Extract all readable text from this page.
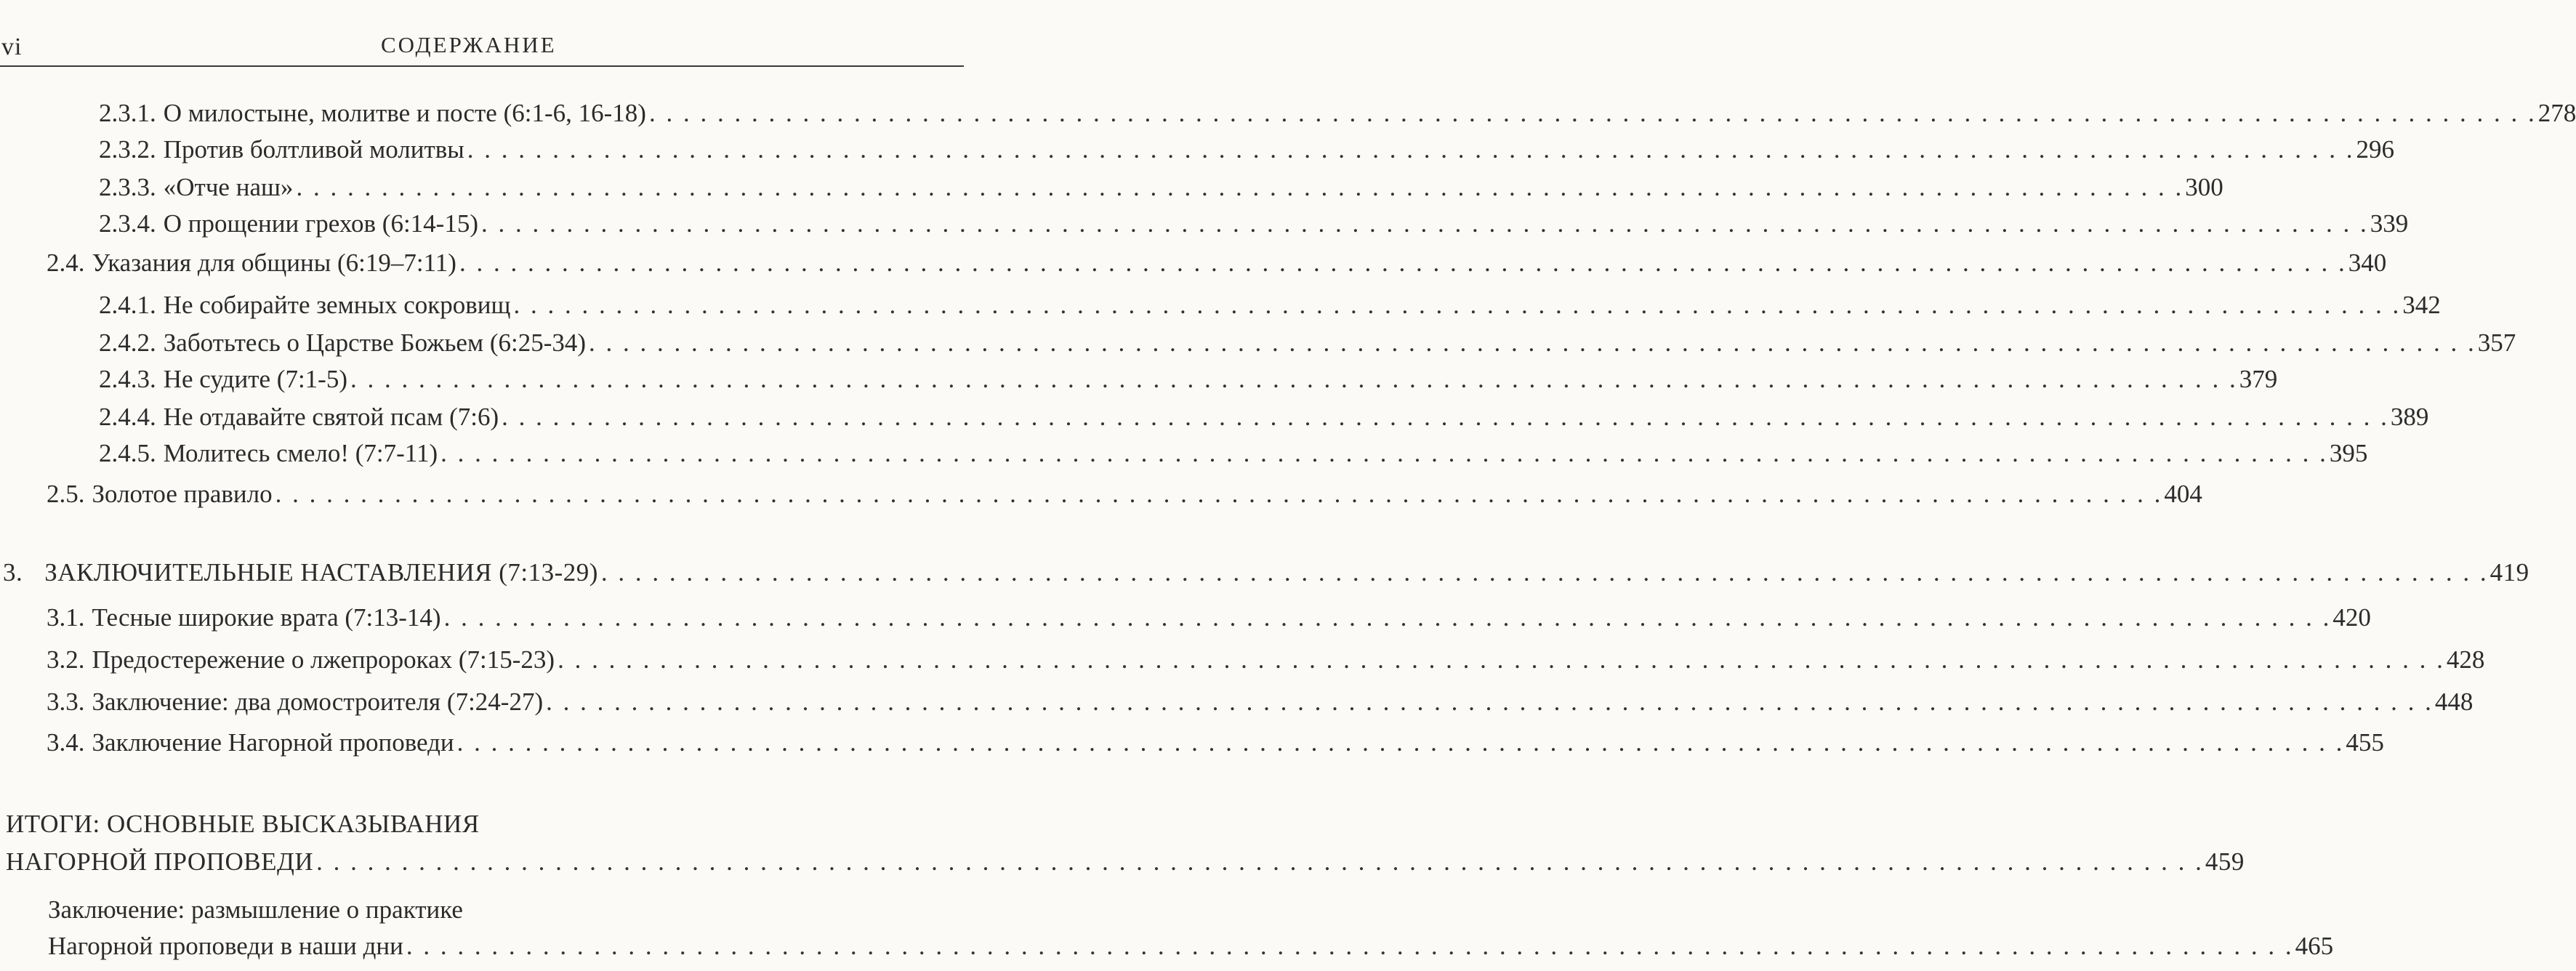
vi	СОДЕРЖАНИЕ
2.3.1. О милостыне, молитве и посте (6:1-6, 16-18) . . . . . . . . . . . . . . . . . . . . . . . . . . . . . . . . . . . . . . . . . . . . . . . . . . . . . . . . . . . . . . . . . . . . . . . . . . . . . . . . . . . . . . . . . . . . . . . . . . . . . . . . . . . . . . . 278
2.3.2. Против болтливой молитвы . . . . . . . . . . . . . . . . . . . . . . . . . . . . . . . . . . . . . . . . . . . . . . . . . . . . . . . . . . . . . . . . . . . . . . . . . . . . . . . . . . . . . . . . . . . . . . . . . . . . . . . . . . . . . . . 296
2.3.3. «Отче наш» . . . . . . . . . . . . . . . . . . . . . . . . . . . . . . . . . . . . . . . . . . . . . . . . . . . . . . . . . . . . . . . . . . . . . . . . . . . . . . . . . . . . . . . . . . . . . . . . . . . . . . . . . . . . . . . 300
2.3.4. О прощении грехов (6:14-15) . . . . . . . . . . . . . . . . . . . . . . . . . . . . . . . . . . . . . . . . . . . . . . . . . . . . . . . . . . . . . . . . . . . . . . . . . . . . . . . . . . . . . . . . . . . . . . . . . . . . . . . . . . . . . . . 339
2.4. Указания для общины (6:19–7:11) . . . . . . . . . . . . . . . . . . . . . . . . . . . . . . . . . . . . . . . . . . . . . . . . . . . . . . . . . . . . . . . . . . . . . . . . . . . . . . . . . . . . . . . . . . . . . . . . . . . . . . . . . . . . . . . 340
2.4.1. Не собирайте земных сокровищ . . . . . . . . . . . . . . . . . . . . . . . . . . . . . . . . . . . . . . . . . . . . . . . . . . . . . . . . . . . . . . . . . . . . . . . . . . . . . . . . . . . . . . . . . . . . . . . . . . . . . . . . . . . . . . . 342
2.4.2. Заботьтесь о Царстве Божьем (6:25-34) . . . . . . . . . . . . . . . . . . . . . . . . . . . . . . . . . . . . . . . . . . . . . . . . . . . . . . . . . . . . . . . . . . . . . . . . . . . . . . . . . . . . . . . . . . . . . . . . . . . . . . . . . . . . . . . 357
2.4.3. Не судите (7:1-5) . . . . . . . . . . . . . . . . . . . . . . . . . . . . . . . . . . . . . . . . . . . . . . . . . . . . . . . . . . . . . . . . . . . . . . . . . . . . . . . . . . . . . . . . . . . . . . . . . . . . . . . . . . . . . . . 379
2.4.4. Не отдавайте святой псам (7:6) . . . . . . . . . . . . . . . . . . . . . . . . . . . . . . . . . . . . . . . . . . . . . . . . . . . . . . . . . . . . . . . . . . . . . . . . . . . . . . . . . . . . . . . . . . . . . . . . . . . . . . . . . . . . . . . 389
2.4.5. Молитесь смело! (7:7-11) . . . . . . . . . . . . . . . . . . . . . . . . . . . . . . . . . . . . . . . . . . . . . . . . . . . . . . . . . . . . . . . . . . . . . . . . . . . . . . . . . . . . . . . . . . . . . . . . . . . . . . . . . . . . . . . 395
2.5. Золотое правило . . . . . . . . . . . . . . . . . . . . . . . . . . . . . . . . . . . . . . . . . . . . . . . . . . . . . . . . . . . . . . . . . . . . . . . . . . . . . . . . . . . . . . . . . . . . . . . . . . . . . . . . . . . . . . . 404
3. ЗАКЛЮЧИТЕЛЬНЫЕ НАСТАВЛЕНИЯ (7:13-29) . . . . . . . . . . . . . . . . . . . . . . . . . . . . . . . . . . . . . . . . . . . . . . . . . . . . . . . . . . . . . . . . . . . . . . . . . . . . . . . . . . . . . . . . . . . . . . . . . . . . . . . . . . . . . . . 419
3.1. Тесные широкие врата (7:13-14) . . . . . . . . . . . . . . . . . . . . . . . . . . . . . . . . . . . . . . . . . . . . . . . . . . . . . . . . . . . . . . . . . . . . . . . . . . . . . . . . . . . . . . . . . . . . . . . . . . . . . . . . . . . . . . . 420
3.2. Предостережение о лжепророках (7:15-23) . . . . . . . . . . . . . . . . . . . . . . . . . . . . . . . . . . . . . . . . . . . . . . . . . . . . . . . . . . . . . . . . . . . . . . . . . . . . . . . . . . . . . . . . . . . . . . . . . . . . . . . . . . . . . . . 428
3.3. Заключение: два домостроителя (7:24-27) . . . . . . . . . . . . . . . . . . . . . . . . . . . . . . . . . . . . . . . . . . . . . . . . . . . . . . . . . . . . . . . . . . . . . . . . . . . . . . . . . . . . . . . . . . . . . . . . . . . . . . . . . . . . . . . 448
3.4. Заключение Нагорной проповеди . . . . . . . . . . . . . . . . . . . . . . . . . . . . . . . . . . . . . . . . . . . . . . . . . . . . . . . . . . . . . . . . . . . . . . . . . . . . . . . . . . . . . . . . . . . . . . . . . . . . . . . . . . . . . . . 455
ИТОГИ: ОСНОВНЫЕ ВЫСКАЗЫВАНИЯ
НАГОРНОЙ ПРОПОВЕДИ . . . . . . . . . . . . . . . . . . . . . . . . . . . . . . . . . . . . . . . . . . . . . . . . . . . . . . . . . . . . . . . . . . . . . . . . . . . . . . . . . . . . . . . . . . . . . . . . . . . . . . . . . . . . . . . 459
Заключение: размышление о практике
Нагорной проповеди в наши дни . . . . . . . . . . . . . . . . . . . . . . . . . . . . . . . . . . . . . . . . . . . . . . . . . . . . . . . . . . . . . . . . . . . . . . . . . . . . . . . . . . . . . . . . . . . . . . . . . . . . . . . . . . . . . . . 465
